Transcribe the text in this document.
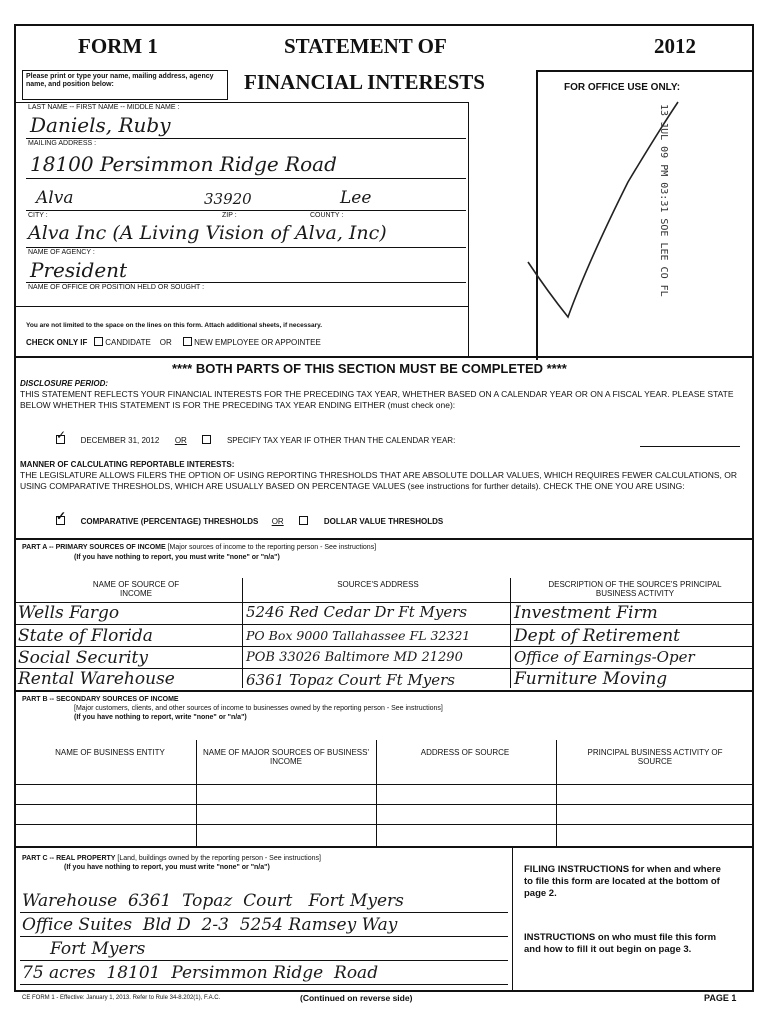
FORM 1	STATEMENT OF	2012
FINANCIAL INTERESTS
Please print or type your name, mailing address, agency name, and position below:	FOR OFFICE USE ONLY:
13 JUL 09 PM 03:31 SOE LEE CO FL
LAST NAME -- FIRST NAME -- MIDDLE NAME :
Daniels, Ruby
MAILING ADDRESS :
18100 Persimmon Ridge Road
Alva	33920	Lee
CITY :	ZIP :	COUNTY :
Alva Inc (A Living Vision of Alva, Inc)
NAME OF AGENCY :
President
NAME OF OFFICE OR POSITION HELD OR SOUGHT :
You are not limited to the space on the lines on this form. Attach additional sheets, if necessary.
CHECK ONLY IF CANDIDATE OR	NEW EMPLOYEE OR APPOINTEE
**** BOTH PARTS OF THIS SECTION MUST BE COMPLETED ****
DISCLOSURE PERIOD:
THIS STATEMENT REFLECTS YOUR FINANCIAL INTERESTS FOR THE PRECEDING TAX YEAR, WHETHER BASED ON A CALENDAR YEAR OR ON A FISCAL YEAR. PLEASE STATE BELOW WHETHER THIS STATEMENT IS FOR THE PRECEDING TAX YEAR ENDING EITHER (must check one):
✓ DECEMBER 31, 2012 OR	SPECIFY TAX YEAR IF OTHER THAN THE CALENDAR YEAR:
MANNER OF CALCULATING REPORTABLE INTERESTS:
THE LEGISLATURE ALLOWS FILERS THE OPTION OF USING REPORTING THRESHOLDS THAT ARE ABSOLUTE DOLLAR VALUES, WHICH REQUIRES FEWER CALCULATIONS, OR USING COMPARATIVE THRESHOLDS, WHICH ARE USUALLY BASED ON PERCENTAGE VALUES (see instructions for further details). CHECK THE ONE YOU ARE USING:
✓ COMPARATIVE (PERCENTAGE) THRESHOLDS OR	DOLLAR VALUE THRESHOLDS
PART A -- PRIMARY SOURCES OF INCOME [Major sources of income to the reporting person - See instructions]
(If you have nothing to report, you must write "none" or "n/a")
NAME OF SOURCE OF INCOME
SOURCE'S ADDRESS	DESCRIPTION OF THE SOURCE'S PRINCIPAL BUSINESS ACTIVITY
Wells Fargo	5246 Red Cedar Dr Ft Myers	Investment Firm
State of Florida	PO Box 9000 Tallahassee FL 32321	Dept of Retirement
Social Security	POB 33026 Baltimore MD 21290	Office of Earnings-Oper
Rental Warehouse	6361 Topaz Court Ft Myers	Furniture Moving
PART B -- SECONDARY SOURCES OF INCOME
[Major customers, clients, and other sources of income to businesses owned by the reporting person - See instructions]
(If you have nothing to report, write "none" or "n/a")
NAME OF BUSINESS ENTITY	NAME OF MAJOR SOURCES OF BUSINESS' INCOME
ADDRESS OF SOURCE	PRINCIPAL BUSINESS ACTIVITY OF SOURCE
PART C -- REAL PROPERTY [Land, buildings owned by the reporting person - See instructions]
(If you have nothing to report, you must write "none" or "n/a")
Warehouse  6361  Topaz  Court   Fort Myers
Office Suites  Bld D  2-3  5254 Ramsey Way
Fort Myers
75 acres  18101  Persimmon Ridge  Road
FILING INSTRUCTIONS for when and where to file this form are located at the bottom of page 2.
INSTRUCTIONS on who must file this form and how to fill it out begin on page 3.
CE FORM 1 - Effective: January 1, 2013. Refer to Rule 34-8.202(1), F.A.C.	(Continued on reverse side)	PAGE 1
